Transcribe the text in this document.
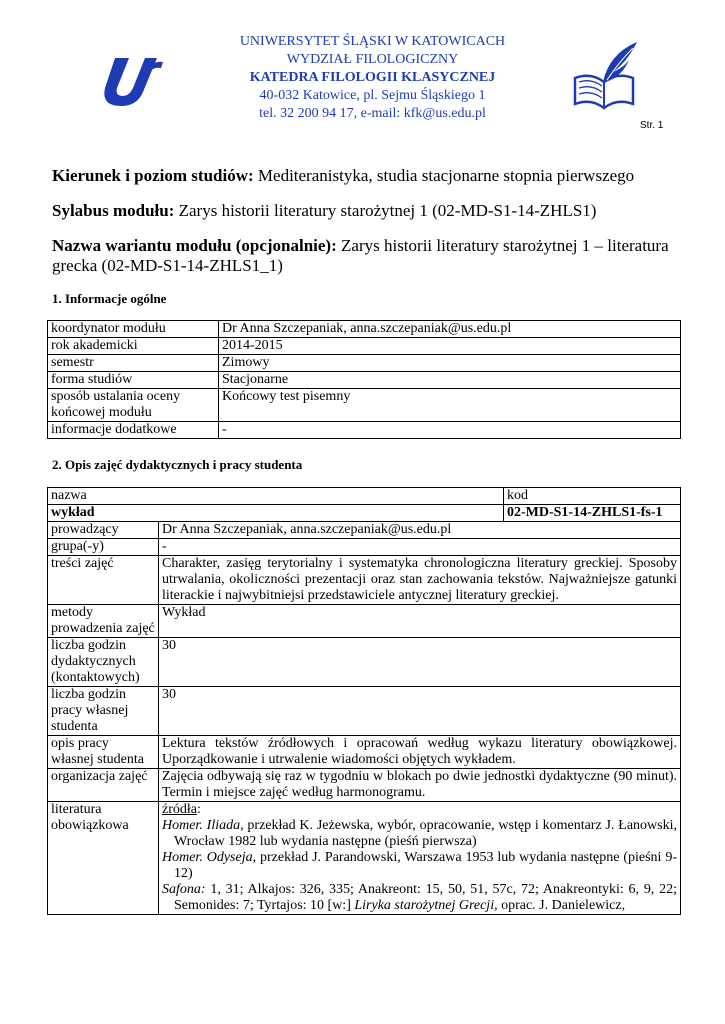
UNIWERSYTET ŚLĄSKI W KATOWICACH
WYDZIAŁ FILOLOGICZNY
KATEDRA FILOLOGII KLASYCZNEJ
40-032 Katowice, pl. Sejmu Śląskiego 1
tel. 32 200 94 17, e-mail: kfk@us.edu.pl
Str. 1
Kierunek i poziom studiów: Mediteranistyka, studia stacjonarne stopnia pierwszego
Sylabus modułu: Zarys historii literatury starożytnej 1 (02-MD-S1-14-ZHLS1)
Nazwa wariantu modułu (opcjonalnie): Zarys historii literatury starożytnej 1 – literatura grecka (02-MD-S1-14-ZHLS1_1)
1. Informacje ogólne
koordynator modułu	Dr Anna Szczepaniak, anna.szczepaniak@us.edu.pl
rok akademicki	2014-2015
semestr	Zimowy
forma studiów	Stacjonarne
sposób ustalania oceny końcowej modułu	Końcowy test pisemny
informacje dodatkowe	-
2. Opis zajęć dydaktycznych i pracy studenta
nazwa		kod
wykład		02-MD-S1-14-ZHLS1-fs-1
prowadzący	Dr Anna Szczepaniak, anna.szczepaniak@us.edu.pl	
grupa(-y)	-	
treści zajęć	Charakter, zasięg terytorialny i systematyka chronologiczna literatury greckiej. Sposoby utrwalania, okoliczności prezentacji oraz stan zachowania tekstów. Najważniejsze gatunki literackie i najwybitniejsi przedstawiciele antycznej literatury greckiej.	
metody prowadzenia zajęć	Wykład	
liczba godzin dydaktycznych (kontaktowych)	30	
liczba godzin pracy własnej studenta	30	
opis pracy własnej studenta	Lektura tekstów źródłowych i opracowań według wykazu literatury obowiązkowej. Uporządkowanie i utrwalenie wiadomości objętych wykładem.	
organizacja zajęć	Zajęcia odbywają się raz w tygodniu w blokach po dwie jednostki dydaktyczne (90 minut). Termin i miejsce zajęć według harmonogramu.	
literatura obowiązkowa	źródła:

Homer. Iliada, przekład K. Jeżewska, wybór, opracowanie, wstęp i komentarz J. Łanowski, Wrocław 1982 lub wydania następne (pieśń pierwsza)

Homer. Odyseja, przekład J. Parandowski, Warszawa 1953 lub wydania następne (pieśni 9-12)

Safona: 1, 31; Alkajos: 326, 335; Anakreont: 15, 50, 51, 57c, 72; Anakreontyki: 6, 9, 22; Semonides: 7; Tyrtajos: 10 [w:] Liryka starożytnej Grecji, oprac. J. Danielewicz,	
